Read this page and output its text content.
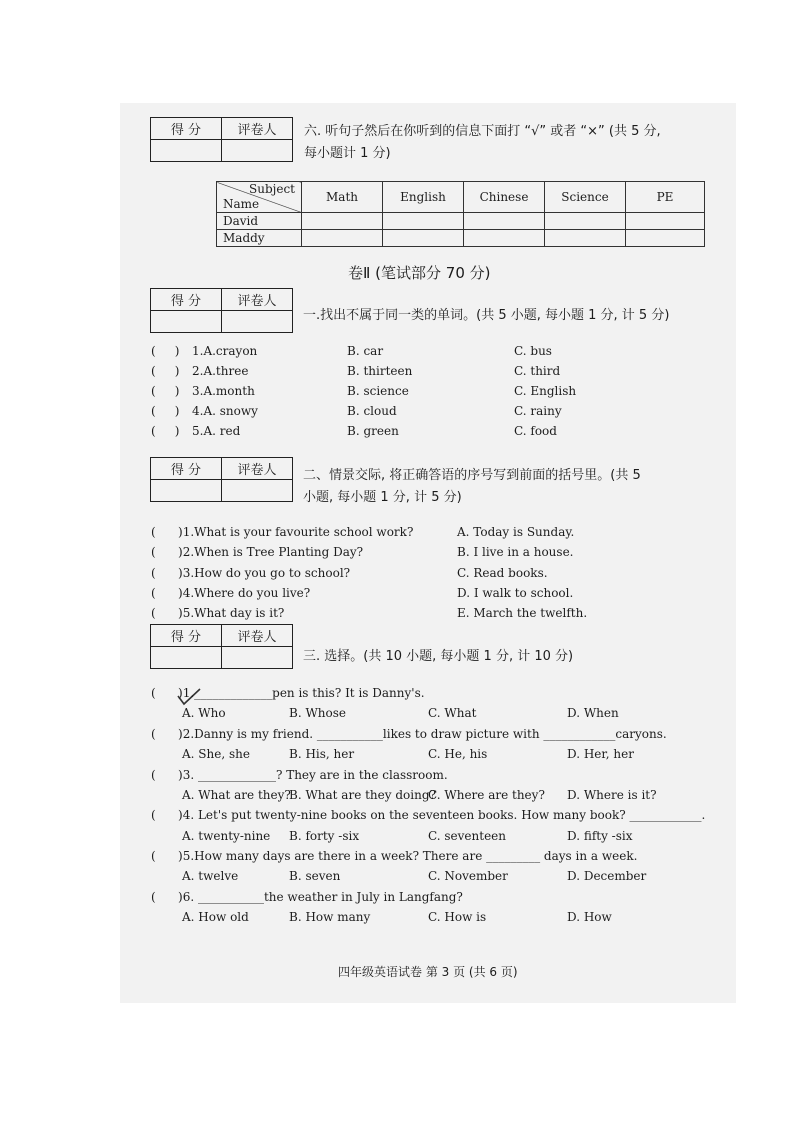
得 分	评卷人
	六. 听句子然后在你听到的信息下面打 “√” 或者 “×” (共 5 分,
每小题计 1 分)
Subject
Name	Math	English	Chinese	Science	PE
David					
Maddy					
卷Ⅱ (笔试部分 70 分)
得 分	评卷人

一.找出不属于同一类的单词。(共 5 小题, 每小题 1 分, 计 5 分)
(     ) 1.A.crayon	B. car	C. bus
(     ) 2.A.three	B. thirteen	C. third
(     ) 3.A.month	B. science	C. English
(     ) 4.A. snowy	B. cloud	C. rainy
(     ) 5.A. red	B. green	C. food
得 分	评卷人
	二、情景交际, 将正确答语的序号写到前面的括号里。(共 5
小题, 每小题 1 分, 计 5 分)
( )1.What is your favourite school work?	A. Today is Sunday.
( )2.When is Tree Planting Day?	B. I live in a house.
( )3.How do you go to school?	C. Read books.
( )4.Where do you live?	D. I walk to school.
( )5.What day is it?	E. March the twelfth.
得 分	评卷人

三. 选择。(共 10 小题, 每小题 1 分, 计 10 分)
( )1._____________pen is this? It is Danny's.
A. Who	B. Whose	C. What	D. When
( )2.Danny is my friend. ___________likes to draw picture with ____________caryons.
A. She, she	B. His, her	C. He, his	D. Her, her
( )3. _____________? They are in the classroom.
A. What are they?
B. What are they doing?
C. Where are they? D. Where is it?
( )4. Let's put twenty-nine books on the seventeen books. How many book? ____________.
A. twenty-nine B. forty -six	C. seventeen	D. fifty -six
( )5.How many days are there in a week? There are _________ days in a week.
A. twelve	B. seven	C. November	D. December
( )6. ___________the weather in July in Langfang?
A. How old	B. How many	C. How is	D. How
四年级英语试卷 第 3 页 (共 6 页)
